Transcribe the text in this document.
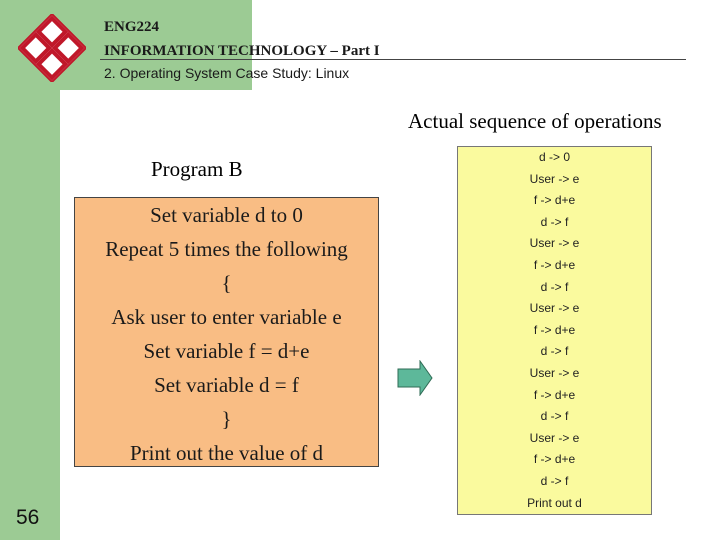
ENG224
INFORMATION TECHNOLOGY – Part I
2. Operating System Case Study: Linux
Actual sequence of operations
Program B
Set variable d to 0
Repeat 5 times the following
{
Ask user to enter variable e
Set variable f = d+e
Set variable d = f
}
Print out the value of d
d -> 0
User -> e
f -> d+e
d -> f
User -> e
f -> d+e
d -> f
User -> e
f -> d+e
d -> f
User -> e
f -> d+e
d -> f
User -> e
f -> d+e
d -> f
Print out d
56
